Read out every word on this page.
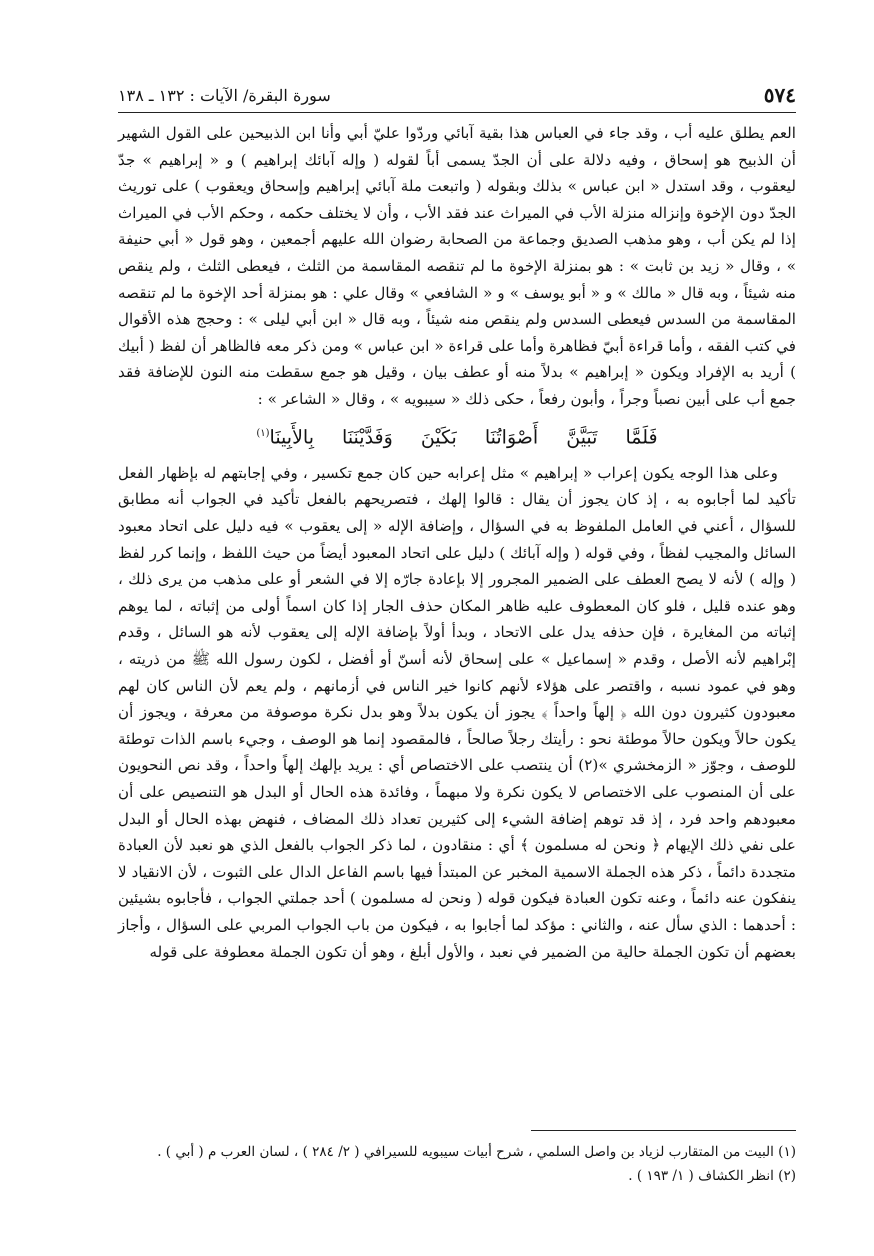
سورة البقرة/ الآيات : ١٣٢ ـ ١٣٨	٥٧٤

العم يطلق عليه أب ، وقد جاء في العباس هذا بقية آبائي وردّوا عليّ أبي وأنا ابن الذبيحين على القول الشهير أن الذبيح هو إسحاق ، وفيه دلالة على أن الجدّ يسمى أباً لقوله ( وإله آبائك إبراهيم ) و « إبراهيم » جدّ ليعقوب ، وقد استدل « ابن عباس » بذلك وبقوله ( واتبعت ملة آبائي إبراهيم وإسحاق ويعقوب ) على توريث الجدّ دون الإخوة وإنزاله منزلة الأب في الميراث عند فقد الأب ، وأن لا يختلف حكمه ، وحكم الأب في الميراث إذا لم يكن أب ، وهو مذهب الصديق وجماعة من الصحابة رضوان الله عليهم أجمعين ، وهو قول « أبي حنيفة » ، وقال « زيد بن ثابت » : هو بمنزلة الإخوة ما لم تنقصه المقاسمة من الثلث ، فيعطى الثلث ، ولم ينقص منه شيئاً ، وبه قال « مالك » و « أبو يوسف » و « الشافعي » وقال علي : هو بمنزلة أحد الإخوة ما لم تنقصه المقاسمة من السدس فيعطى السدس ولم ينقص منه شيئاً ، وبه قال « ابن أبي ليلى » : وحجج هذه الأقوال في كتب الفقه ، وأما قراءة أبيّ فظاهرة وأما على قراءة « ابن عباس » ومن ذكر معه فالظاهر أن لفظ ( أبيك ) أريد به الإفراد ويكون « إبراهيم » بدلاً منه أو عطف بيان ، وقيل هو جمع سقطت منه النون للإضافة فقد جمع أب على أبين نصباً وجراً ، وأبون رفعاً ، حكى ذلك « سيبويه » ، وقال « الشاعر » :

فَلَمَّا تَبَيَّنَّ أَصْوَاتُنَا بَكَيْنَ وَفَدَّيْنَنَا بِالأَبِينَا$^{(١)}$

وعلى هذا الوجه يكون إعراب « إبراهيم » مثل إعرابه حين كان جمع تكسير ، وفي إجابتهم له بإظهار الفعل تأكيد لما أجابوه به ، إذ كان يجوز أن يقال : قالوا إلهك ، فتصريحهم بالفعل تأكيد في الجواب أنه مطابق للسؤال ، أعني في العامل الملفوظ به في السؤال ، وإضافة الإله « إلى يعقوب » فيه دليل على اتحاد معبود السائل والمجيب لفظاً ، وفي قوله ( وإله آبائك ) دليل على اتحاد المعبود أيضاً من حيث اللفظ ، وإنما كرر لفظ ( وإله ) لأنه لا يصح العطف على الضمير المجرور إلا بإعادة جارّه إلا في الشعر أو على مذهب من يرى ذلك ، وهو عنده قليل ، فلو كان المعطوف عليه ظاهر المكان حذف الجار إذا كان اسماً أولى من إثباته ، لما يوهم إثباته من المغايرة ، فإن حذفه يدل على الاتحاد ، وبدأ أولاً بإضافة الإله إلى يعقوب لأنه هو السائل ، وقدم إبْراهيم لأنه الأصل ، وقدم « إسماعيل » على إسحاق لأنه أسنّ أو أفضل ، لكون رسول الله ﷺ من ذريته ، وهو في عمود نسبه ، واقتصر على هؤلاء لأنهم كانوا خير الناس في أزمانهم ، ولم يعم لأن الناس كان لهم معبودون كثيرون دون الله ﴿ إلهاً واحداً ﴾ يجوز أن يكون بدلاً وهو بدل نكرة موصوفة من معرفة ، ويجوز أن يكون حالاً ويكون حالاً موطئة نحو : رأيتك رجلاً صالحاً ، فالمقصود إنما هو الوصف ، وجيء باسم الذات توطئة للوصف ، وجوّز « الزمخشري »(٢) أن ينتصب على الاختصاص أي : يريد بإلهك إلهاً واحداً ، وقد نص النحويون على أن المنصوب على الاختصاص لا يكون نكرة ولا مبهماً ، وفائدة هذه الحال أو البدل هو التنصيص على أن معبودهم واحد فرد ، إذ قد توهم إضافة الشيء إلى كثيرين تعداد ذلك المضاف ، فنهض بهذه الحال أو البدل على نفي ذلك الإيهام ﴿ ونحن له مسلمون ﴾ أي : منقادون ، لما ذكر الجواب بالفعل الذي هو نعبد لأن العبادة متجددة دائماً ، ذكر هذه الجملة الاسمية المخبر عن المبتدأ فيها باسم الفاعل الدال على الثبوت ، لأن الانقياد لا ينفكون عنه دائماً ، وعنه تكون العبادة فيكون قوله ( ونحن له مسلمون ) أحد جملتي الجواب ، فأجابوه بشيئين : أحدهما : الذي سأل عنه ، والثاني : مؤكد لما أجابوا به ، فيكون من باب الجواب المربي على السؤال ، وأجاز بعضهم أن تكون الجملة حالية من الضمير في نعبد ، والأول أبلغ ، وهو أن تكون الجملة معطوفة على قوله

(١) البيت من المتقارب لزياد بن واصل السلمي ، شرح أبيات سيبويه للسيرافي ( ٢/ ٢٨٤ ) ، لسان العرب م ( أبي ) .

(٢) انظر الكشاف ( ١/ ١٩٣ ) .
